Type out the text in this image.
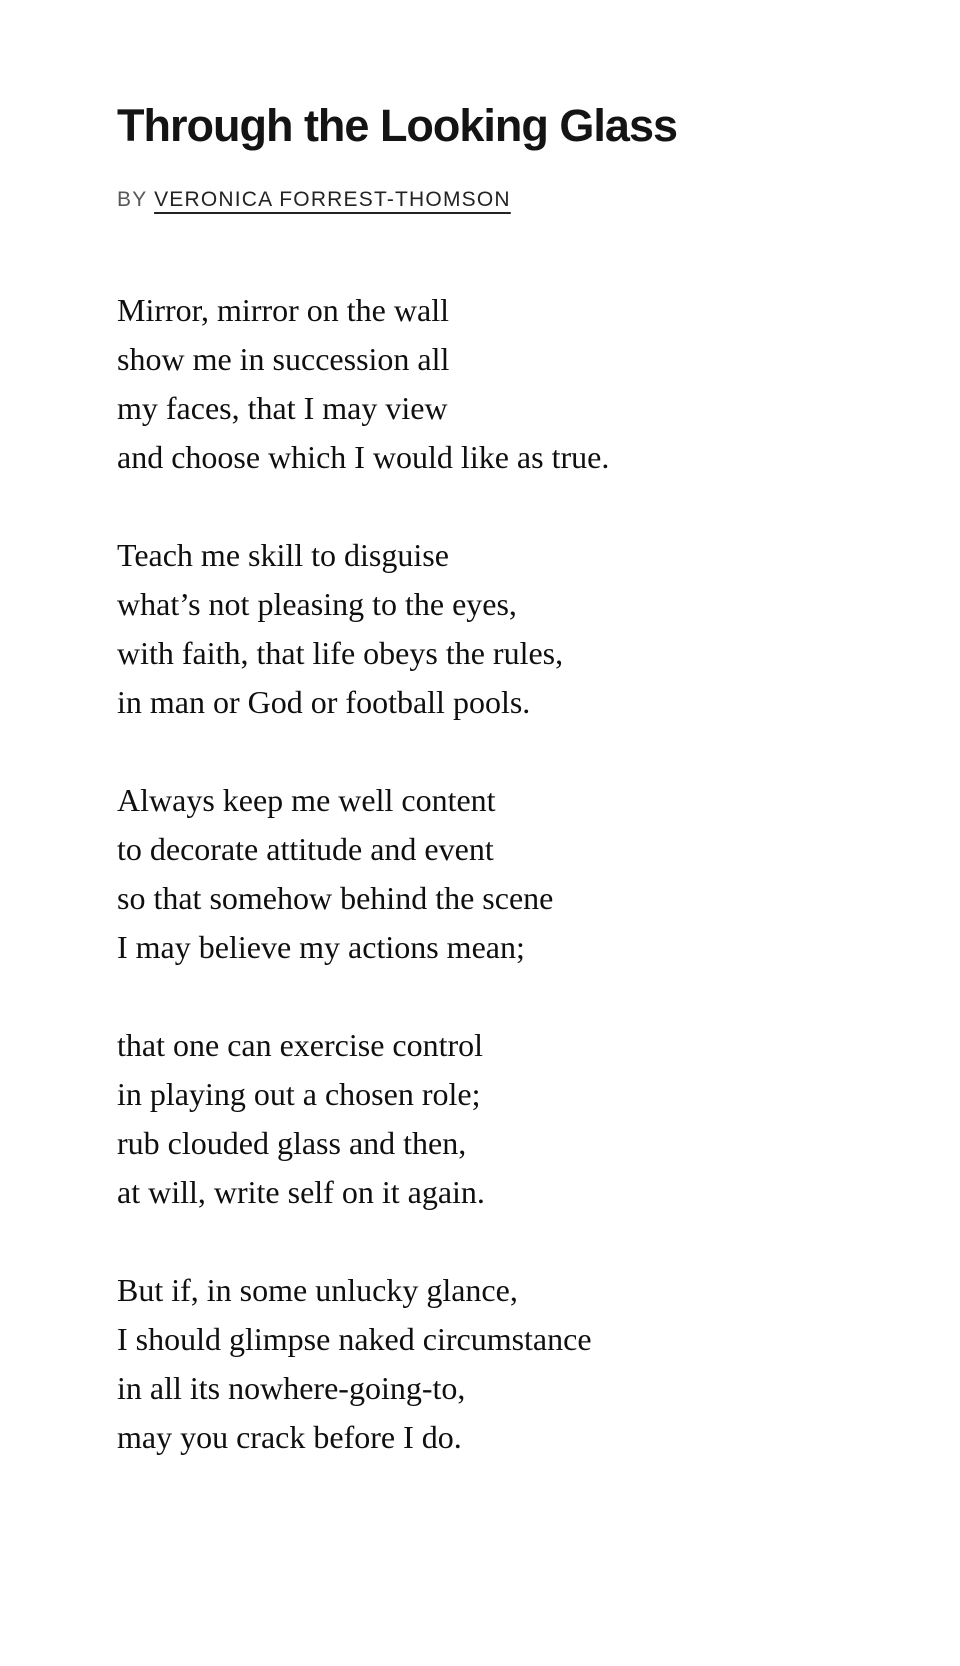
Through the Looking Glass
BY VERONICA FORREST-THOMSON
Mirror, mirror on the wall
show me in succession all
my faces, that I may view
and choose which I would like as true.
Teach me skill to disguise
what’s not pleasing to the eyes,
with faith, that life obeys the rules,
in man or God or football pools.
Always keep me well content
to decorate attitude and event
so that somehow behind the scene
I may believe my actions mean;
that one can exercise control
in playing out a chosen role;
rub clouded glass and then,
at will, write self on it again.
But if, in some unlucky glance,
I should glimpse naked circumstance
in all its nowhere-going-to,
may you crack before I do.
